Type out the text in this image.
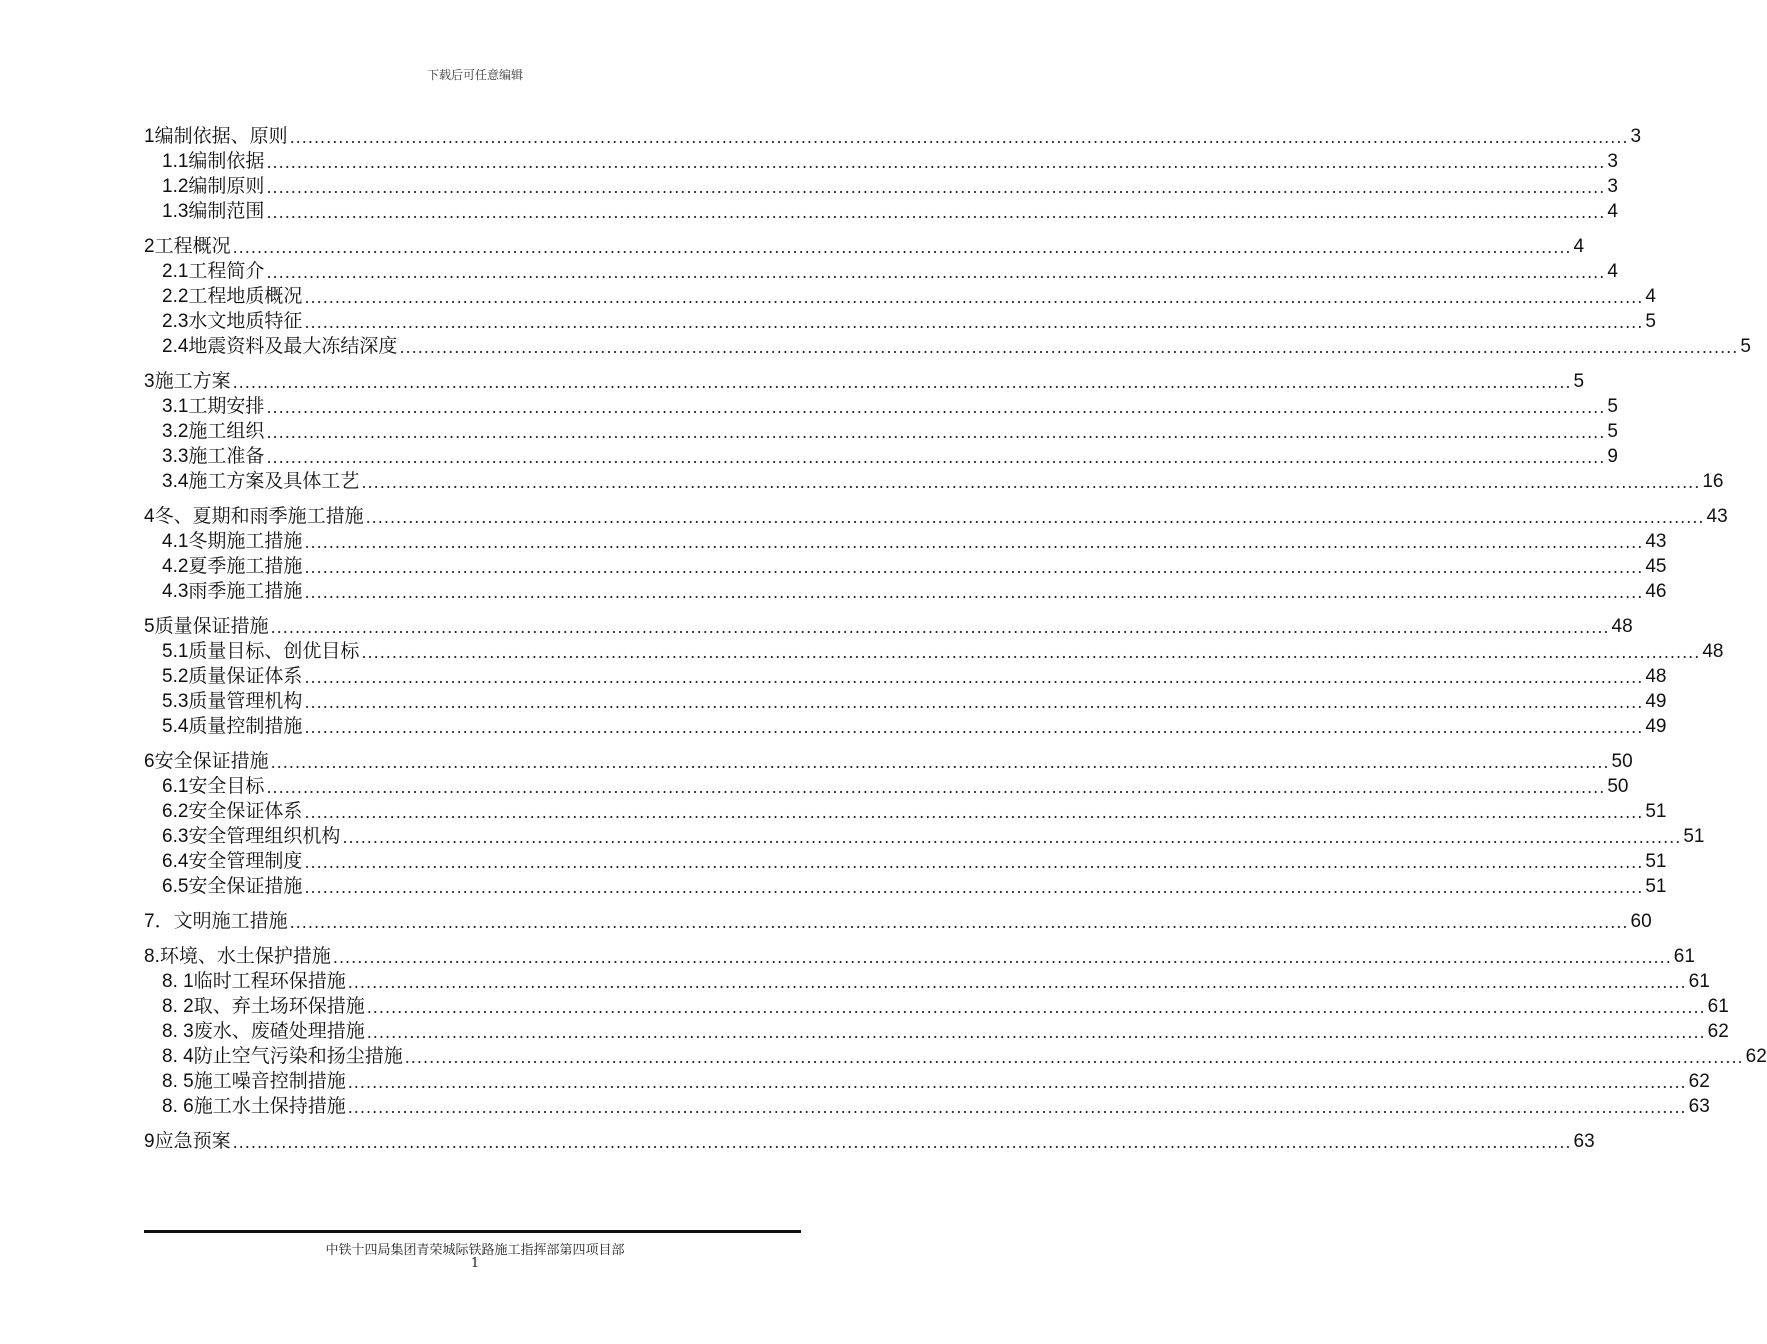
下载后可任意编辑
1 编制依据、原则 ............................................................................................................................................................................................................................ 3
1.1 编制依据 ............................................................................................................................................................................................................................ 3
1.2 编制原则 ............................................................................................................................................................................................................................ 3
1.3 编制范围 ............................................................................................................................................................................................................................ 4
2 工程概况 ............................................................................................................................................................................................................................ 4
2.1 工程简介 ............................................................................................................................................................................................................................ 4
2.2 工程地质概况 ............................................................................................................................................................................................................................ 4
2.3 水文地质特征 ............................................................................................................................................................................................................................ 5
2.4 地震资料及最大冻结深度 ............................................................................................................................................................................................................................ 5
3 施工方案 ............................................................................................................................................................................................................................ 5
3.1 工期安排 ............................................................................................................................................................................................................................ 5
3.2 施工组织 ............................................................................................................................................................................................................................ 5
3.3 施工准备 ............................................................................................................................................................................................................................ 9
3.4 施工方案及具体工艺 ............................................................................................................................................................................................................................ 16
4 冬、夏期和雨季施工措施 ............................................................................................................................................................................................................................ 43
4.1 冬期施工措施 ............................................................................................................................................................................................................................ 43
4.2 夏季施工措施 ............................................................................................................................................................................................................................ 45
4.3 雨季施工措施 ............................................................................................................................................................................................................................ 46
5 质量保证措施 ............................................................................................................................................................................................................................ 48
5.1 质量目标、创优目标 ............................................................................................................................................................................................................................ 48
5.2 质量保证体系 ............................................................................................................................................................................................................................ 48
5.3 质量管理机构 ............................................................................................................................................................................................................................ 49
5.4 质量控制措施 ............................................................................................................................................................................................................................ 49
6 安全保证措施 ............................................................................................................................................................................................................................ 50
6.1 安全目标 ............................................................................................................................................................................................................................ 50
6.2 安全保证体系 ............................................................................................................................................................................................................................ 51
6.3 安全管理组织机构 ............................................................................................................................................................................................................................ 51
6.4 安全管理制度 ............................................................................................................................................................................................................................ 51
6.5 安全保证措施 ............................................................................................................................................................................................................................ 51
7． 文明施工措施 ............................................................................................................................................................................................................................ 60
8. 环境、水土保护措施 ............................................................................................................................................................................................................................ 61
8. 1 临时工程环保措施 ............................................................................................................................................................................................................................ 61
8. 2 取、弃土场环保措施 ............................................................................................................................................................................................................................ 61
8. 3 废水、废碴处理措施 ............................................................................................................................................................................................................................ 62
8. 4 防止空气污染和扬尘措施 ............................................................................................................................................................................................................................ 62
8. 5 施工噪音控制措施 ............................................................................................................................................................................................................................ 62
8. 6 施工水土保持措施 ............................................................................................................................................................................................................................ 63
9 应急预案 ............................................................................................................................................................................................................................ 63
中铁十四局集团青荣城际铁路施工指挥部第四项目部
1
